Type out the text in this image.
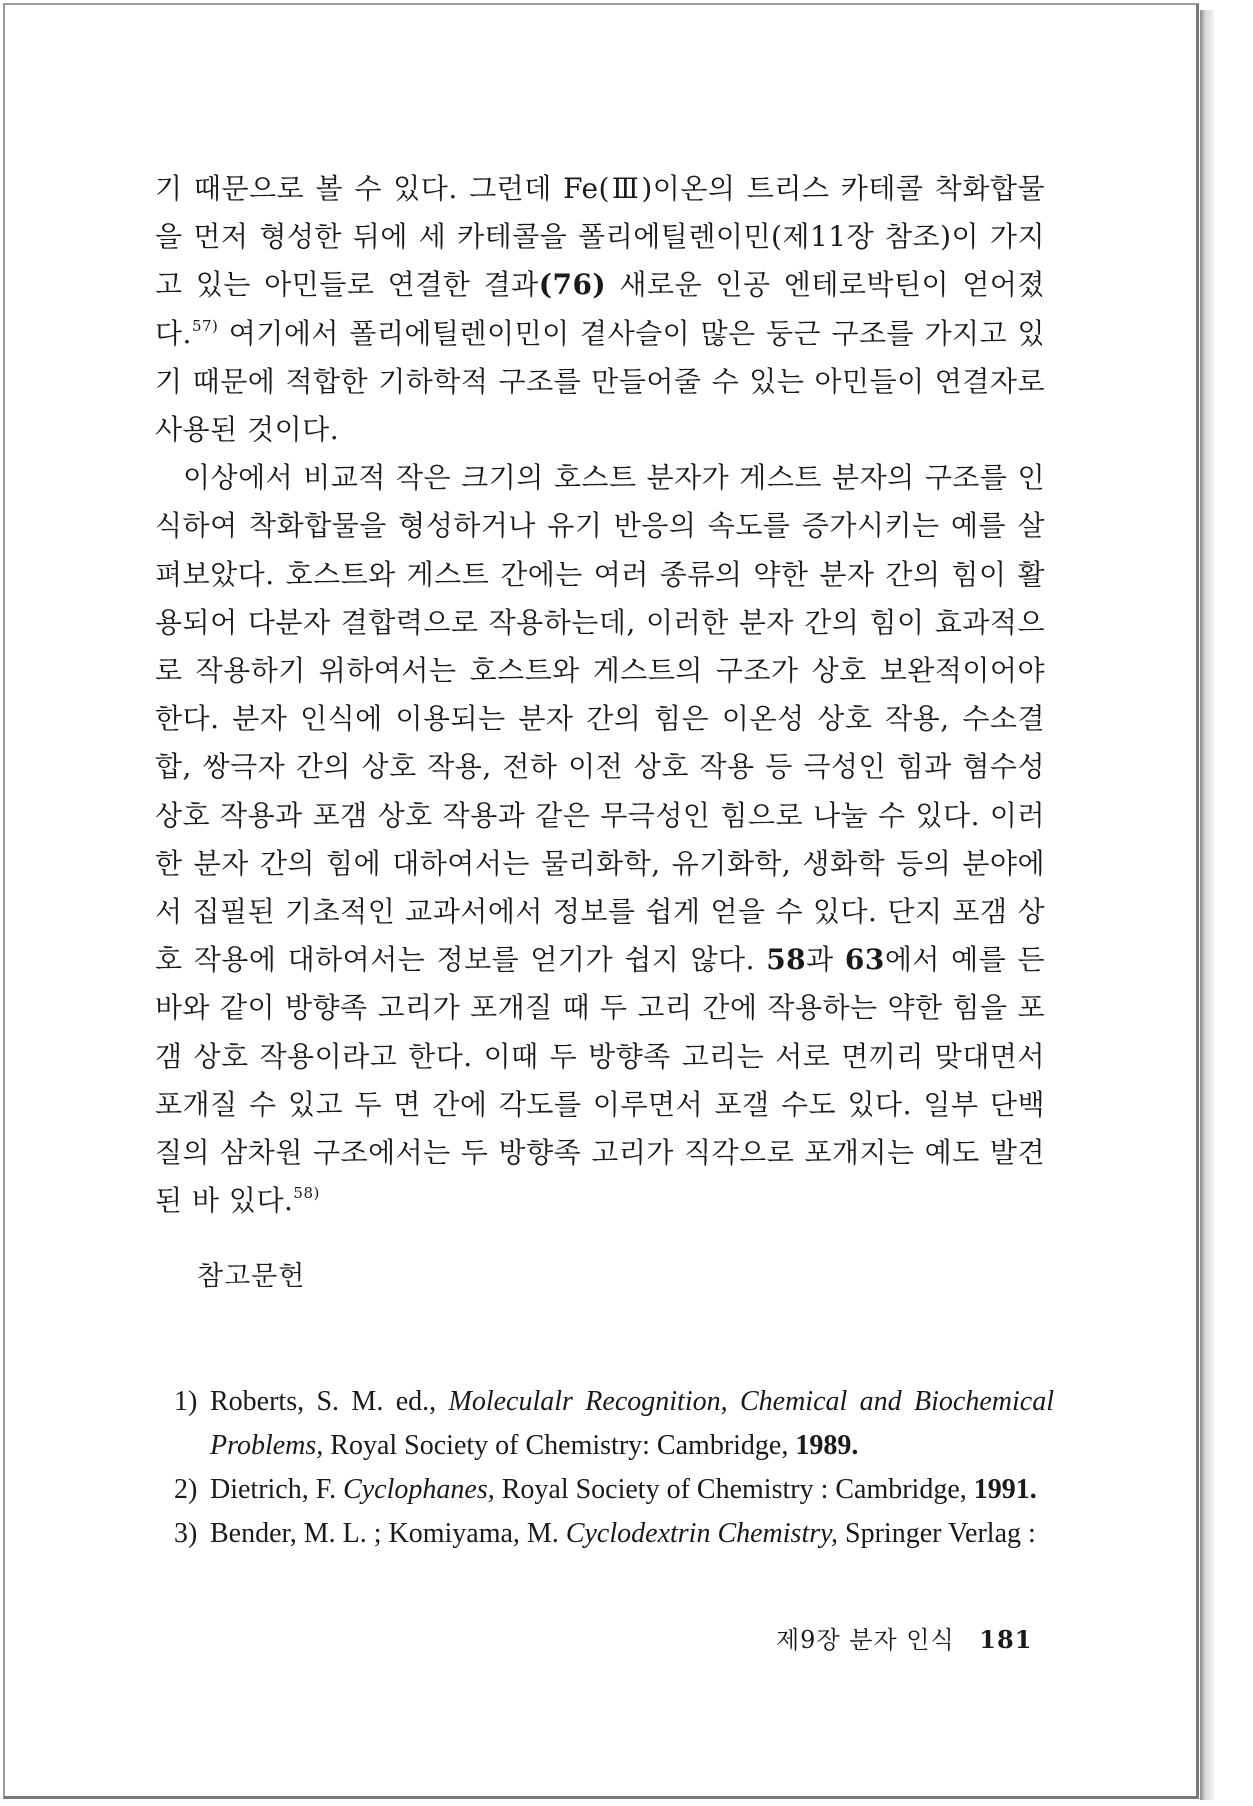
기 때문으로 볼 수 있다. 그런데 Fe(Ⅲ)이온의 트리스 카테콜 착화합물을 먼저 형성한 뒤에 세 카테콜을 폴리에틸렌이민(제11장 참조)이 가지고 있는 아민들로 연결한 결과(76) 새로운 인공 엔테로박틴이 얻어졌다.$^{57)}$ 여기에서 폴리에틸렌이민이 곁사슬이 많은 둥근 구조를 가지고 있기 때문에 적합한 기하학적 구조를 만들어줄 수 있는 아민들이 연결자로 사용된 것이다.

이상에서 비교적 작은 크기의 호스트 분자가 게스트 분자의 구조를 인식하여 착화합물을 형성하거나 유기 반응의 속도를 증가시키는 예를 살펴보았다. 호스트와 게스트 간에는 여러 종류의 약한 분자 간의 힘이 활용되어 다분자 결합력으로 작용하는데, 이러한 분자 간의 힘이 효과적으로 작용하기 위하여서는 호스트와 게스트의 구조가 상호 보완적이어야 한다. 분자 인식에 이용되는 분자 간의 힘은 이온성 상호 작용, 수소결합, 쌍극자 간의 상호 작용, 전하 이전 상호 작용 등 극성인 힘과 혐수성 상호 작용과 포갬 상호 작용과 같은 무극성인 힘으로 나눌 수 있다. 이러한 분자 간의 힘에 대하여서는 물리화학, 유기화학, 생화학 등의 분야에서 집필된 기초적인 교과서에서 정보를 쉽게 얻을 수 있다. 단지 포갬 상호 작용에 대하여서는 정보를 얻기가 쉽지 않다. 58과 63에서 예를 든 바와 같이 방향족 고리가 포개질 때 두 고리 간에 작용하는 약한 힘을 포갬 상호 작용이라고 한다. 이때 두 방향족 고리는 서로 면끼리 맞대면서 포개질 수 있고 두 면 간에 각도를 이루면서 포갤 수도 있다. 일부 단백질의 삼차원 구조에서는 두 방향족 고리가 직각으로 포개지는 예도 발견된 바 있다.$^{58)}$

참고문헌
1) Roberts, S. M. ed., Moleculalr Recognition, Chemical and Biochemical Problems, Royal Society of Chemistry: Cambridge, 1989.
2) Dietrich, F. Cyclophanes, Royal Society of Chemistry : Cambridge, 1991.
3) Bender, M. L. ; Komiyama, M. Cyclodextrin Chemistry, Springer Verlag :
제9장 분자 인식 181
